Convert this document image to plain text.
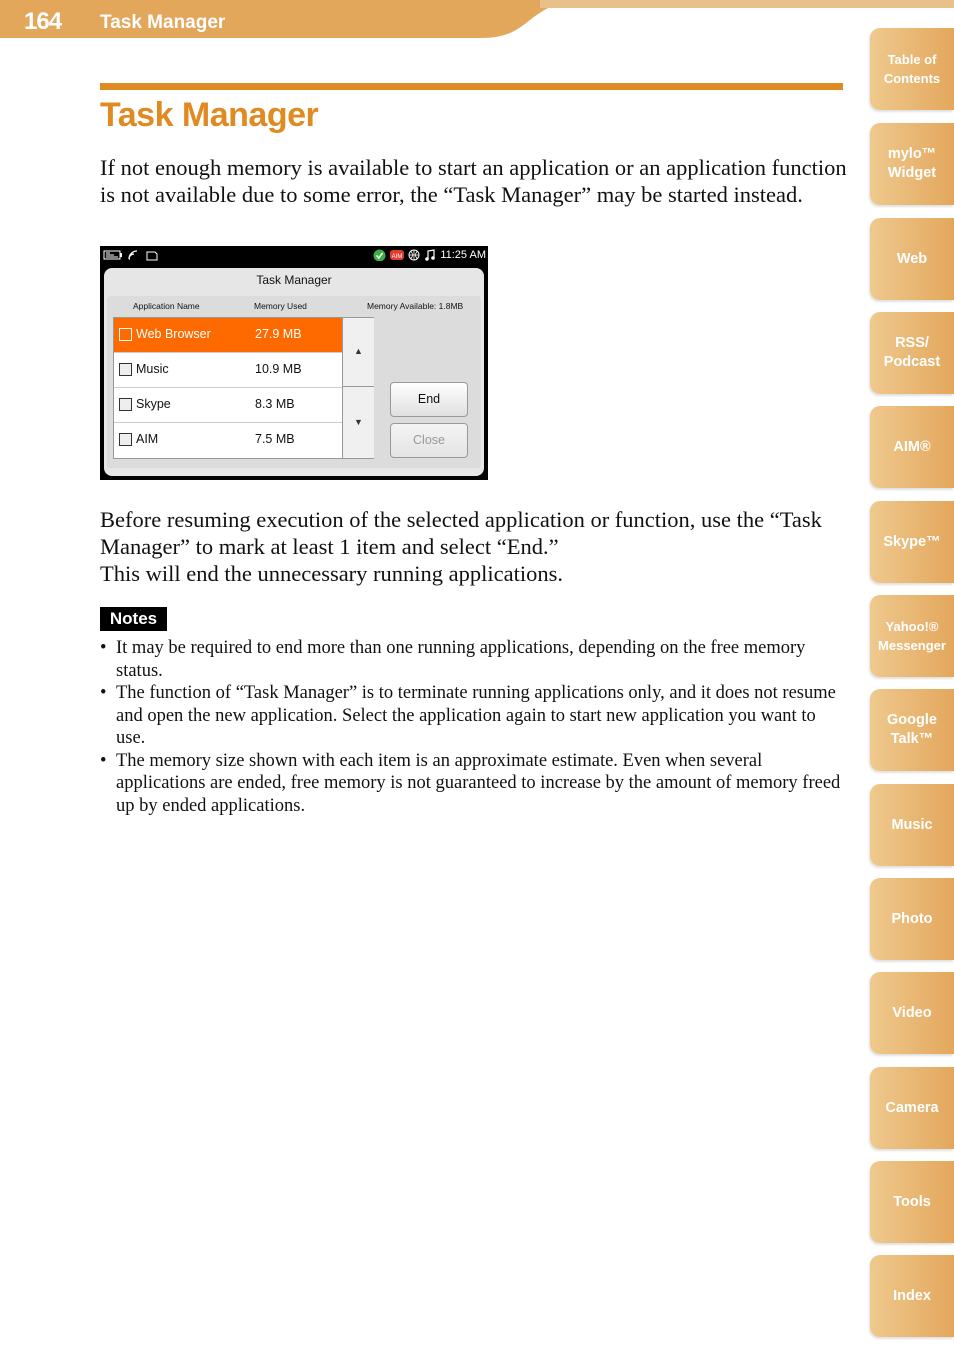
164 Task Manager
Task Manager

If not enough memory is available to start an application or an application function is not available due to some error, the “Task Manager” may be started instead.

AIM	11:25 AM
Task Manager
Application Name	Memory Used	Memory Available: 1.8MB
Web Browser	27.9 MB
Music	10.9 MB
Skype	8.3 MB
AIM	7.5 MB
▲
▼
End
Close

Before resuming execution of the selected application or function, use the “Task Manager” to mark at least 1 item and select “End.”

This will end the unnecessary running applications.

Notes
• It may be required to end more than one running applications, depending on the free memory status.
• The function of “Task Manager” is to terminate running applications only, and it does not resume and open the new application. Select the application again to start new application you want to use.
• The memory size shown with each item is an approximate estimate. Even when several applications are ended, free memory is not guaranteed to increase by the amount of memory freed up by ended applications.
Table of
Contents
mylo™
Widget
Web
RSS/
Podcast
AIM®
Skype™
Yahoo!®
Messenger
Google
Talk™
Music
Photo
Video
Camera
Tools
Index
